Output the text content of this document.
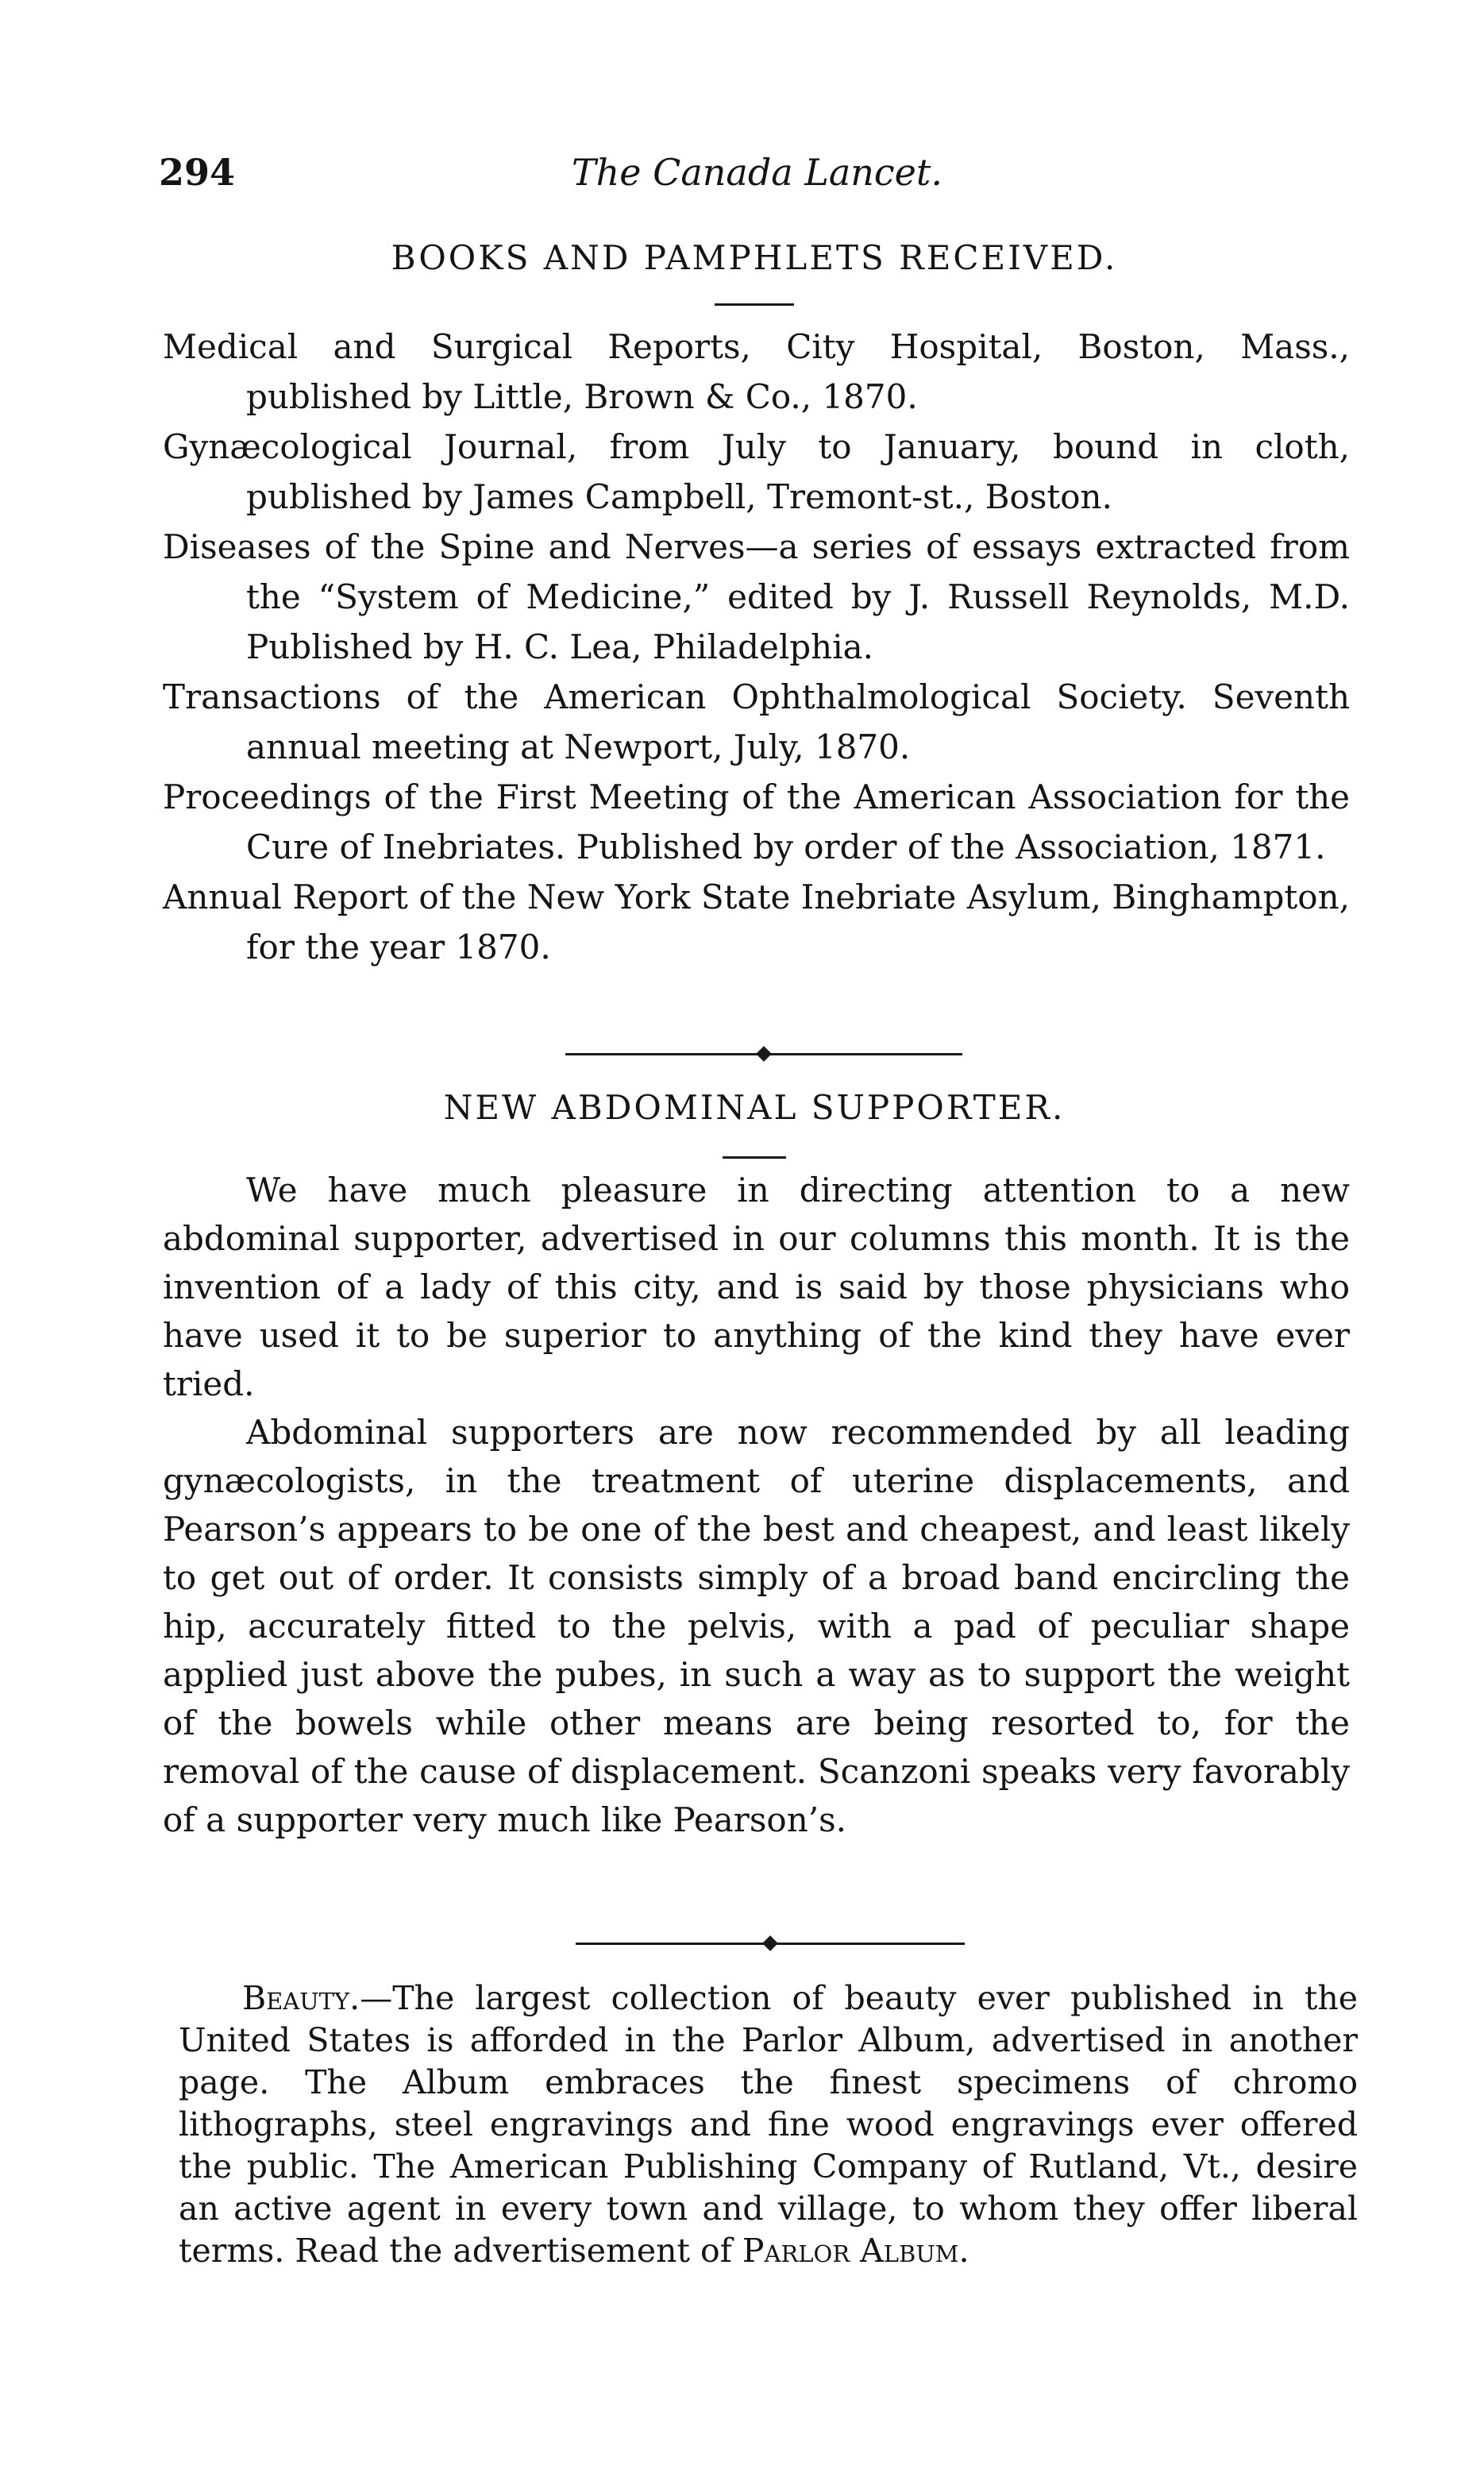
294	The Canada Lancet.
BOOKS AND PAMPHLETS RECEIVED.
Medical and Surgical Reports, City Hospital, Boston, Mass., published by Little, Brown & Co., 1870.
Gynæcological Journal, from July to January, bound in cloth, published by James Campbell, Tremont-st., Boston.
Diseases of the Spine and Nerves—a series of essays extracted from the “System of Medicine,” edited by J. Russell Reynolds, M.D. Published by H. C. Lea, Philadelphia.
Transactions of the American Ophthalmological Society. Seventh annual meeting at Newport, July, 1870.
Proceedings of the First Meeting of the American Association for the Cure of Inebriates. Published by order of the Association, 1871.
Annual Report of the New York State Inebriate Asylum, Binghampton, for the year 1870.
NEW ABDOMINAL SUPPORTER.

We have much pleasure in directing attention to a new abdominal supporter, advertised in our columns this month. It is the invention of a lady of this city, and is said by those physicians who have used it to be superior to anything of the kind they have ever tried.

Abdominal supporters are now recommended by all leading gynæcologists, in the treatment of uterine displacements, and Pearson’s appears to be one of the best and cheapest, and least likely to get out of order. It consists simply of a broad band encircling the hip, accurately fitted to the pelvis, with a pad of peculiar shape applied just above the pubes, in such a way as to support the weight of the bowels while other means are being resorted to, for the removal of the cause of displacement. Scanzoni speaks very favorably of a supporter very much like Pearson’s.

Beauty.—The largest collection of beauty ever published in the United States is afforded in the Parlor Album, advertised in another page. The Album embraces the finest specimens of chromo lithographs, steel engravings and fine wood engravings ever offered the public. The American Publishing Company of Rutland, Vt., desire an active agent in every town and village, to whom they offer liberal terms. Read the advertisement of Parlor Album.
